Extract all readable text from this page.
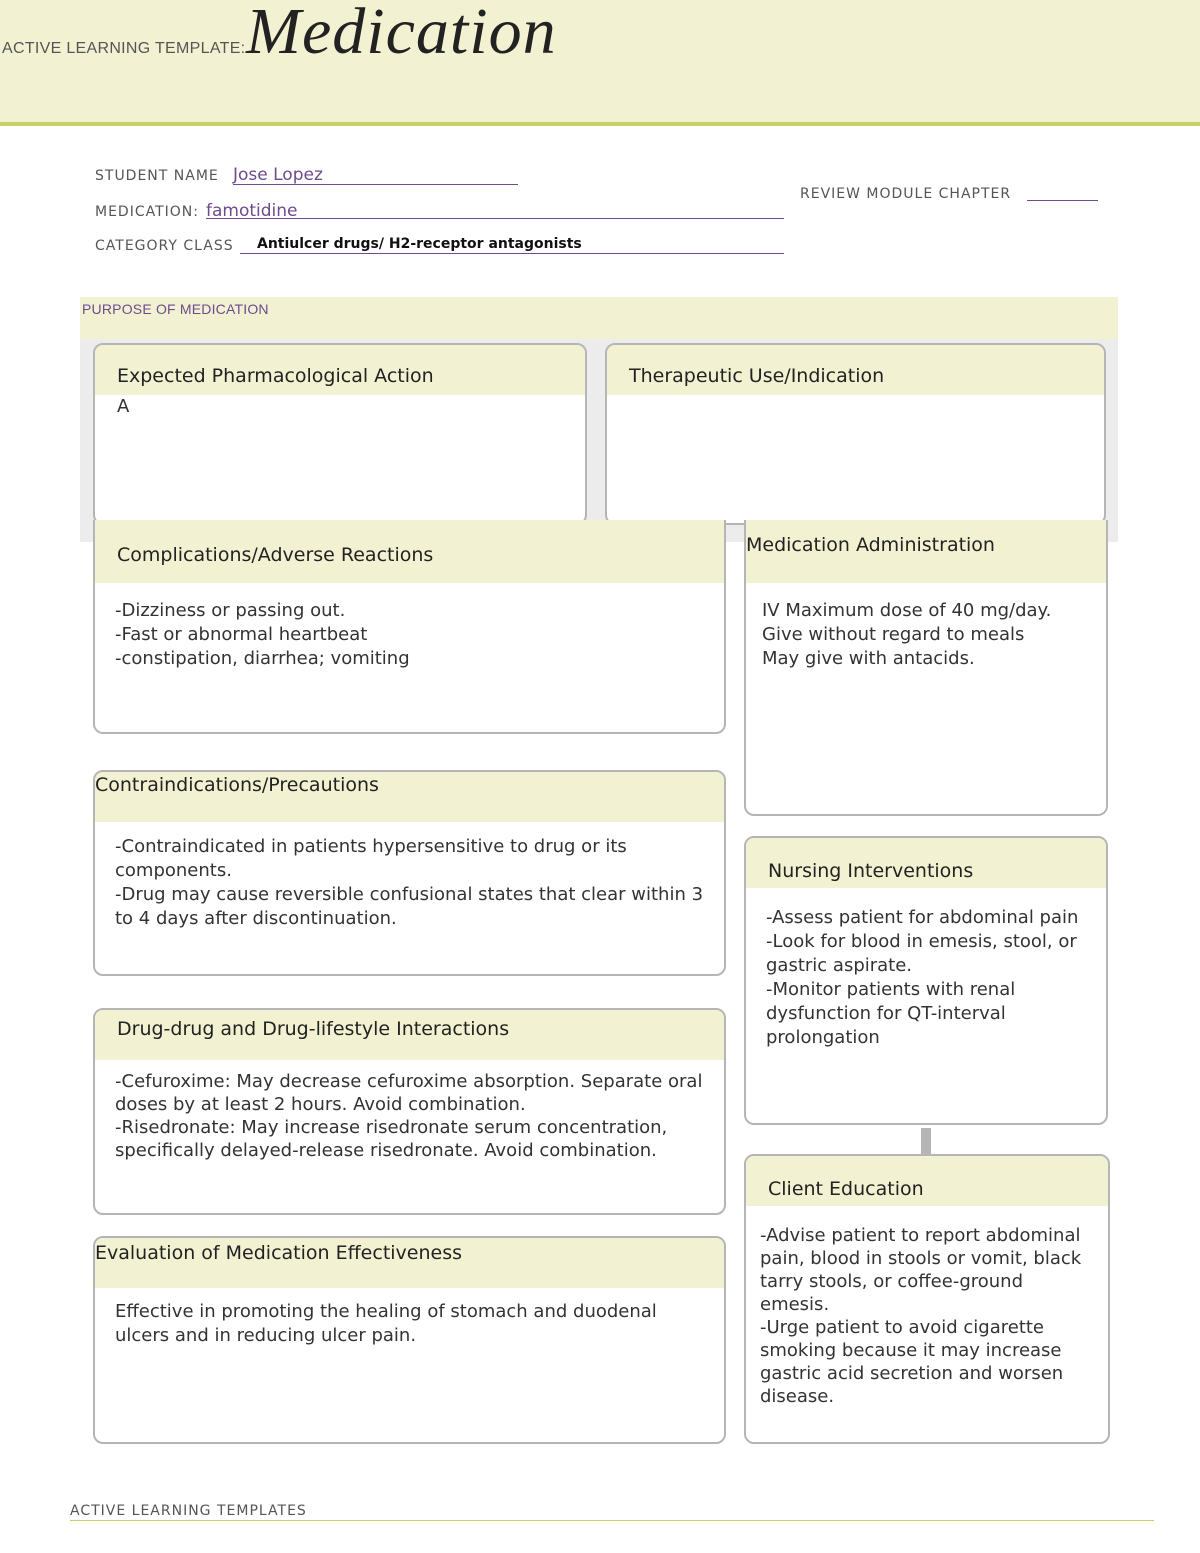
ACTIVE LEARNING TEMPLATE: Medication
STUDENT NAME Jose Lopez
MEDICATION: famotidine
CATEGORY CLASS Antiulcer drugs/ H2-receptor antagonists
REVIEW MODULE CHAPTER
PURPOSE OF MEDICATION
Expected Pharmacological Action
A
Therapeutic Use/Indication
Complications/Adverse Reactions
-Dizziness or passing out.
-Fast or abnormal heartbeat
-constipation, diarrhea; vomiting
Contraindications/Precautions
-Contraindicated in patients hypersensitive to drug or its components.
-Drug may cause reversible confusional states that clear within 3 to 4 days after discontinuation.
Drug-drug and Drug-lifestyle Interactions
-Cefuroxime: May decrease cefuroxime absorption. Separate oral doses by at least 2 hours. Avoid combination.
-Risedronate: May increase risedronate serum concentration, specifically delayed-release risedronate. Avoid combination.
Evaluation of Medication Effectiveness
Effective in promoting the healing of stomach and duodenal ulcers and in reducing ulcer pain.
Medication Administration
IV Maximum dose of 40 mg/day.
Give without regard to meals
May give with antacids.
Nursing Interventions
-Assess patient for abdominal pain
-Look for blood in emesis, stool, or gastric aspirate.
-Monitor patients with renal dysfunction for QT-interval prolongation
Client Education
-Advise patient to report abdominal pain, blood in stools or vomit, black tarry stools, or coffee-ground emesis.
-Urge patient to avoid cigarette smoking because it may increase gastric acid secretion and worsen disease.
ACTIVE LEARNING TEMPLATES
